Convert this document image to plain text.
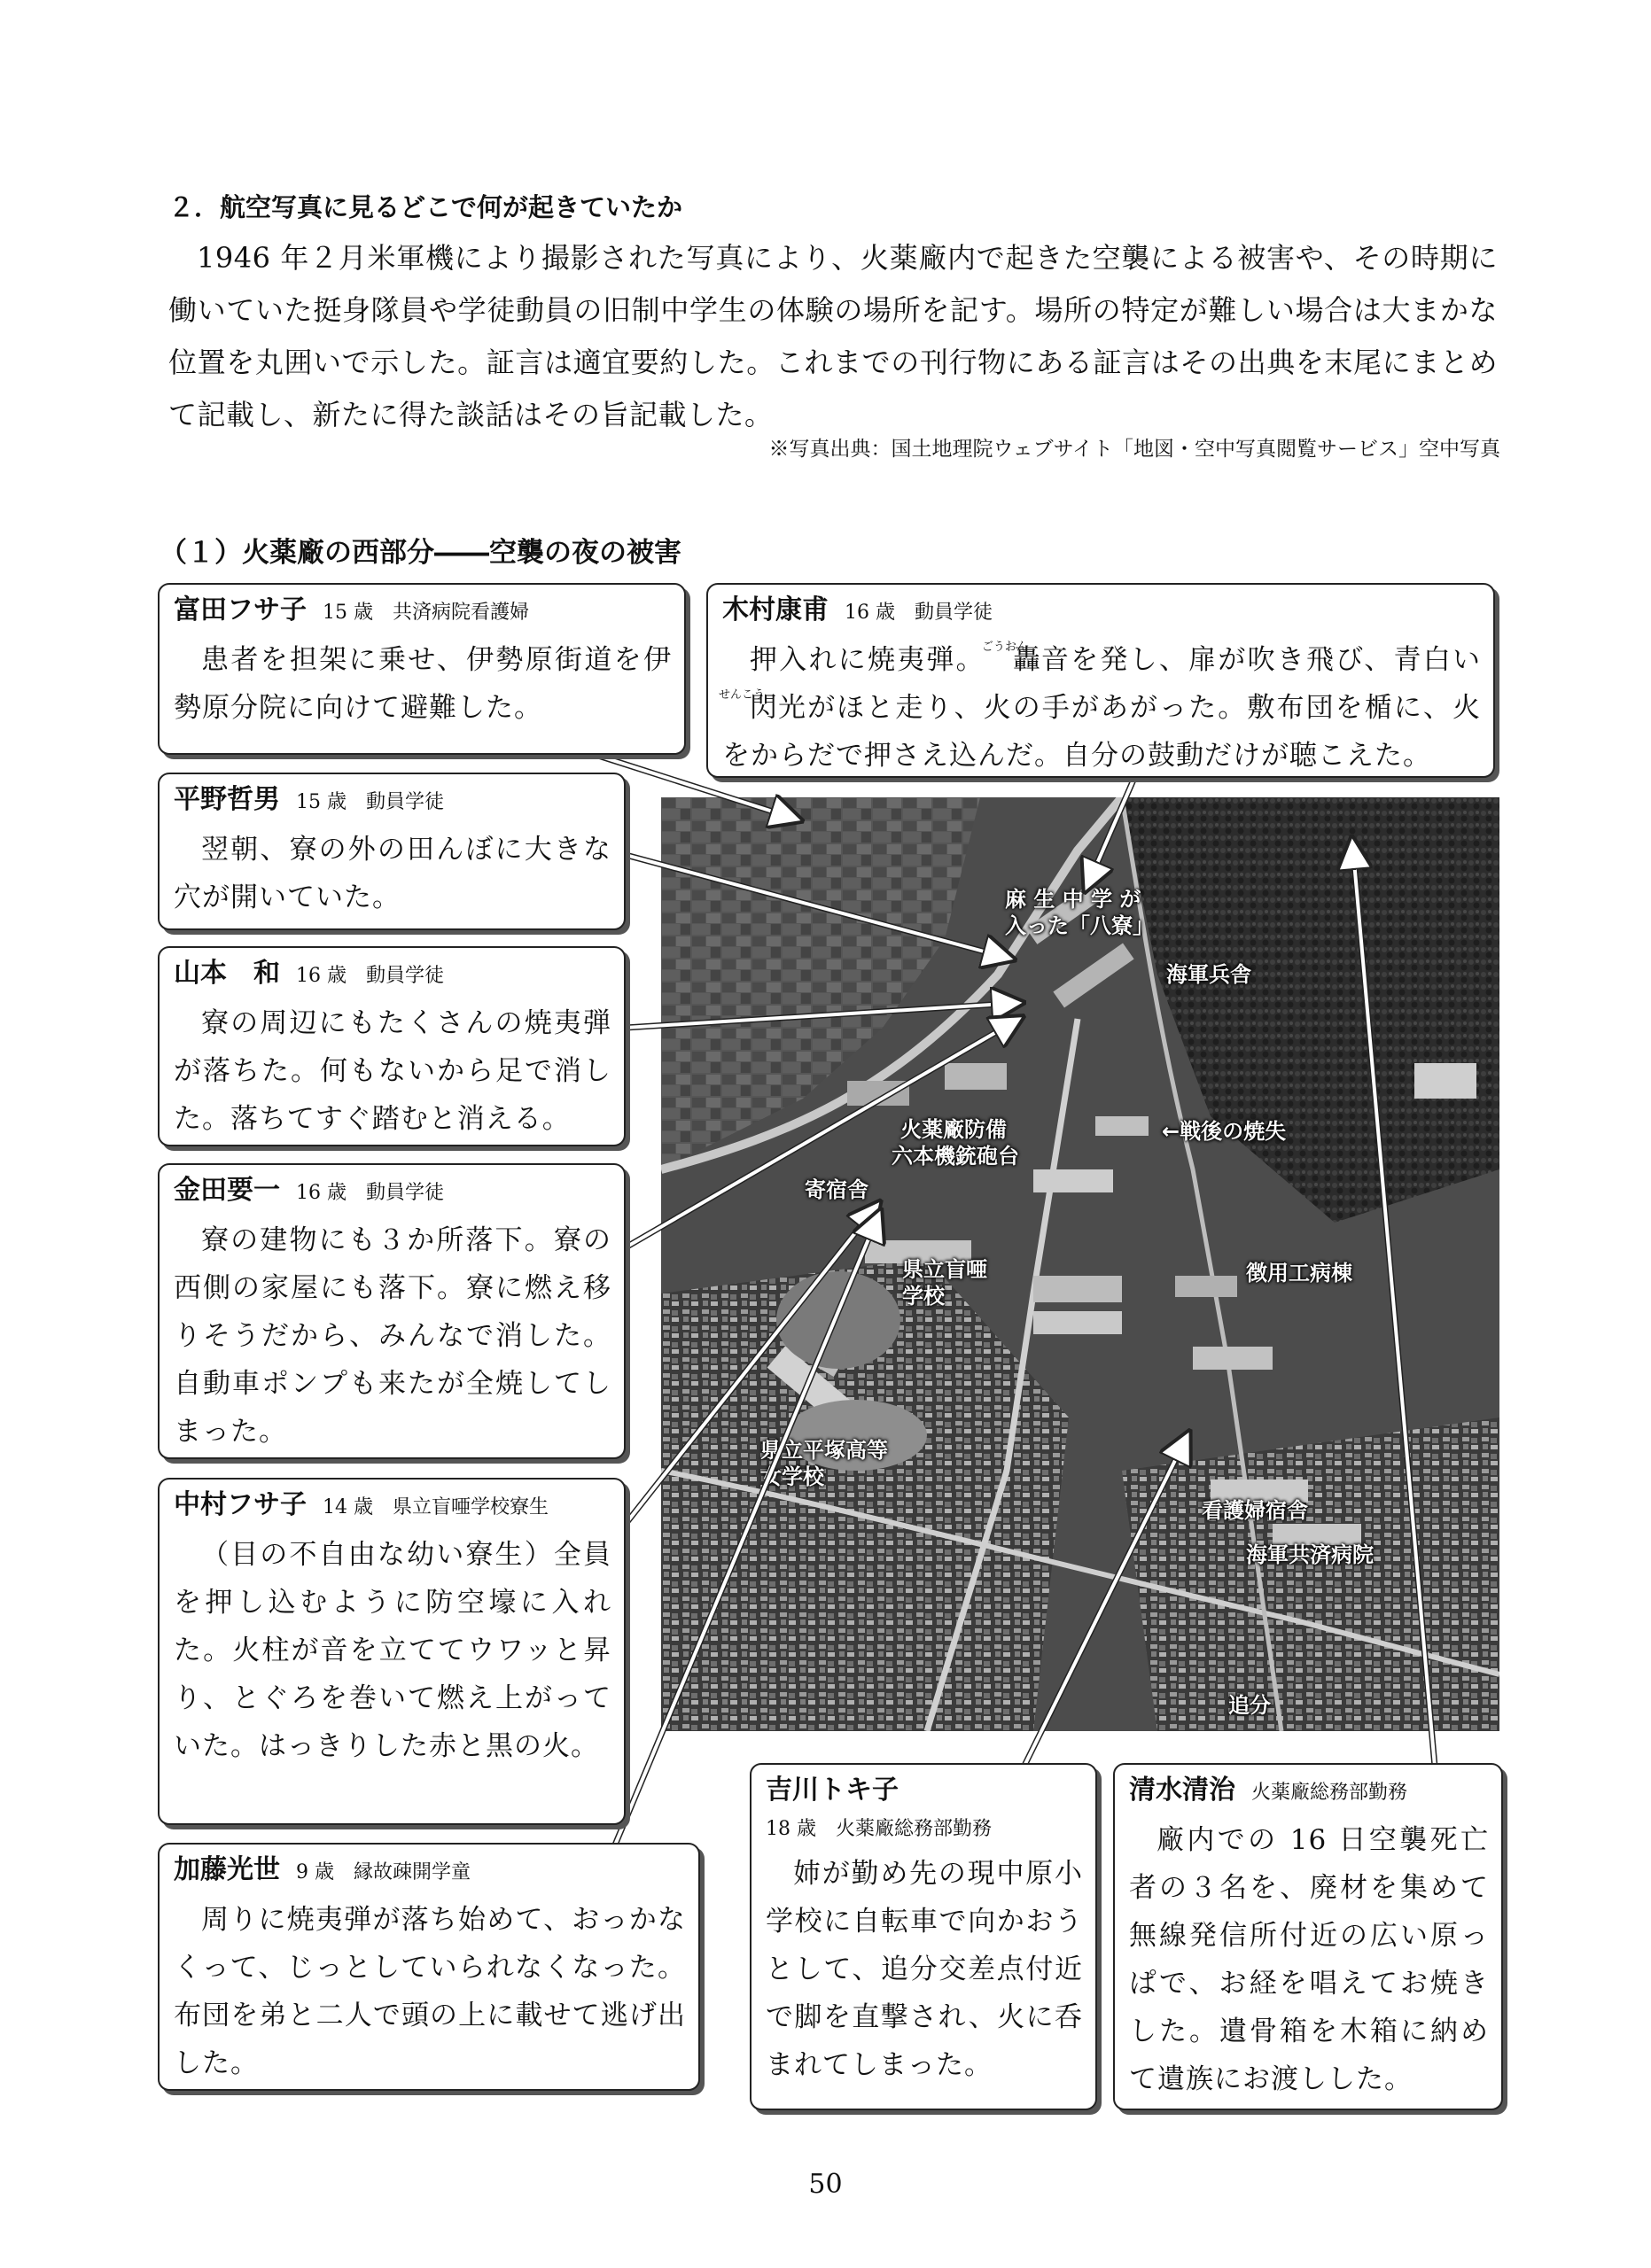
２．航空写真に見るどこで何が起きていたか
1946 年２月米軍機により撮影された写真により、火薬廠内で起きた空襲による被害や、その時期に働いていた挺身隊員や学徒動員の旧制中学生の体験の場所を記す。場所の特定が難しい場合は大まかな位置を丸囲いで示した。証言は適宜要約した。これまでの刊行物にある証言はその出典を末尾にまとめて記載し、新たに得た談話はその旨記載した。
※写真出典：国土地理院ウェブサイト「地図・空中写真閲覧サービス」空中写真
（１）火薬廠の西部分――空襲の夜の被害
麻 生 中 学 が
入った「八寮」
海軍兵舎
←戦後の焼失
火薬廠防備
六本機銃砲台
寄宿舎
県立盲唖
学校
徴用工病棟
県立平塚高等
女学校
看護婦宿舎
海軍共済病院
追分
富田フサ子 15 歳　共済病院看護婦
患者を担架に乗せ、伊勢原街道を伊勢原分院に向けて避難した。
木村康甫 16 歳　動員学徒
押入れに焼夷弾。
ごうおん
轟音を発し、扉が吹き飛び、青白い
せんこう
閃光がほと走り、火の手があがった。敷布団を楯に、火をからだで押さえ込んだ。自分の鼓動だけが聴こえた。
平野哲男 15 歳　動員学徒
翌朝、寮の外の田んぼに大きな穴が開いていた。
山本　和 16 歳　動員学徒
寮の周辺にもたくさんの焼夷弾が落ちた。何もないから足で消した。落ちてすぐ踏むと消える。
金田要一 16 歳　動員学徒
寮の建物にも３か所落下。寮の西側の家屋にも落下。寮に燃え移りそうだから、みんなで消した。自動車ポンプも来たが全焼してしまった。
中村フサ子 14 歳　県立盲唖学校寮生
（目の不自由な幼い寮生）全員を押し込むように防空壕に入れた。火柱が音を立ててウワッと昇り、とぐろを巻いて燃え上がっていた。はっきりした赤と黒の火。
加藤光世 9 歳　縁故疎開学童
周りに焼夷弾が落ち始めて、おっかなくって、じっとしていられなくなった。布団を弟と二人で頭の上に載せて逃げ出した。
吉川トキ子
18 歳　火薬廠総務部勤務
姉が勤め先の現中原小学校に自転車で向かおうとして、追分交差点付近で脚を直撃され、火に呑まれてしまった。
清水清治 火薬廠総務部勤務
廠内での 16 日空襲死亡者の３名を、廃材を集めて無線発信所付近の広い原っぱで、お経を唱えてお焼きした。遺骨箱を木箱に納めて遺族にお渡しした。
50
